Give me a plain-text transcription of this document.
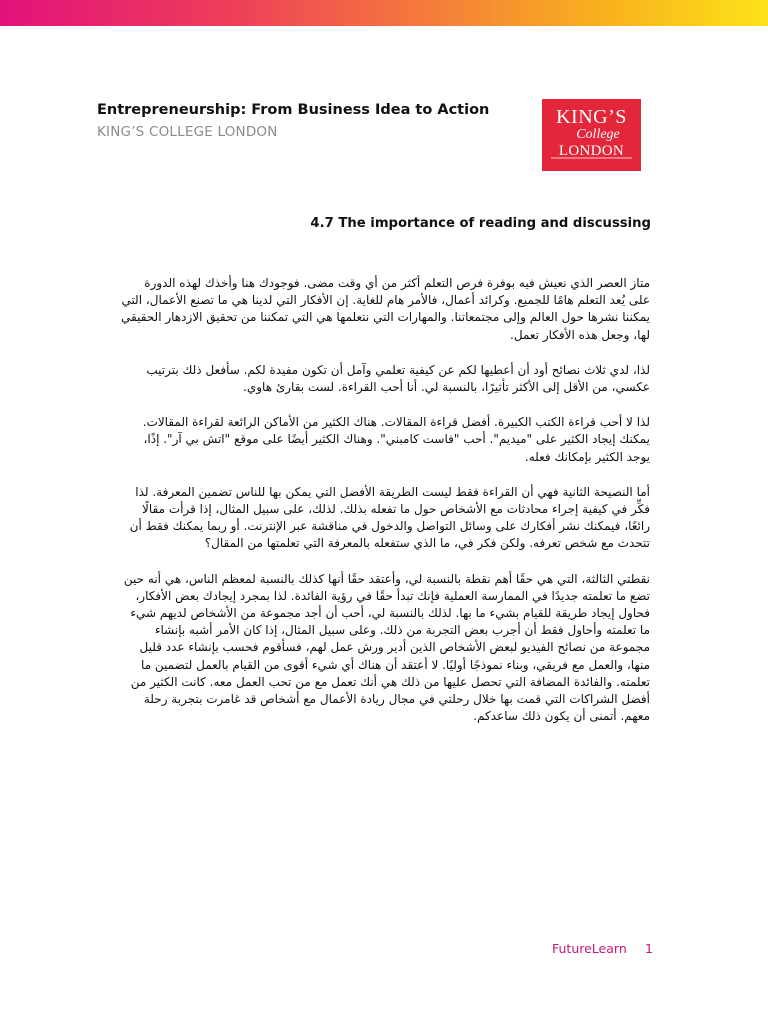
Entrepreneurship: From Business Idea to Action
KING’S COLLEGE LONDON
KING’S
College
LONDON
4.7 The importance of reading and discussing

متاز العصر الذي نعيش فيه بوفرة فرص التعلم أكثر من أي وقت مضى. فوجودك هنا وأخذك لهذه الدورة على يُعد التعلم هامًا للجميع. وكرائد أعمال، فالأمر هام للغاية. إن الأفكار التي لدينا هي ما تصنع الأعمال، التي يمكننا نشرها حول العالم وإلى مجتمعاتنا. والمهارات التي نتعلمها هي التي تمكننا من تحقيق الازدهار الحقيقي لها، وجعل هذه الأفكار تعمل.

لذا، لدي ثلاث نصائح أود أن أعطيها لكم عن كيفية تعلمي وآمل أن تكون مفيدة لكم. سأفعل ذلك بترتيب عكسي، من الأقل إلى الأكثر تأثيرًا، بالنسبة لي. أنا أحب القراءة. لست بقارئ هاوي.

لذا لا أحب قراءة الكتب الكبيرة. أفضل قراءة المقالات. هناك الكثير من الأماكن الرائعة لقراءة المقالات. يمكنك إيجاد الكثير على "ميديم". أحب "فاست كامبني". وهناك الكثير أيضًا على موقع "اتش بي آر". إذًا، يوجد الكثير بإمكانك فعله.

أما النصيحة الثانية فهي أن القراءة فقط ليست الطريقة الأفضل التي يمكن بها للناس تضمين المعرفة. لذا فكِّر في كيفية إجراء محادثات مع الأشخاص حول ما تفعله بذلك. لذلك، على سبيل المثال، إذا قرأت مقالًا رائعًا، فيمكنك نشر أفكارك على وسائل التواصل والدخول في مناقشة عبر الإنترنت. أو ربما يمكنك فقط أن تتحدث مع شخص تعرفه. ولكن فكر في، ما الذي ستفعله بالمعرفة التي تعلمتها من المقال؟

نقطتي الثالثة، التي هي حقًا أهم نقطة بالنسبة لي، وأعتقد حقًا أنها كذلك بالنسبة لمعظم الناس، هي أنه حين تضع ما تعلمته جديدًا في الممارسة العملية فإنك تبدأ حقًا في رؤية الفائدة. لذا بمجرد إيجادك بعض الأفكار، فحاول إيجاد طريقة للقيام بشيء ما بها. لذلك بالنسبة لي، أحب أن أجد مجموعة من الأشخاص لديهم شيء ما تعلمته وأحاول فقط أن أجرب بعض التجربة من ذلك. وعلى سبيل المثال، إذا كان الأمر أشبه بإنشاء مجموعة من نصائح الفيديو لبعض الأشخاص الذين أدير ورش عمل لهم، فسأقوم فحسب بإنشاء عدد قليل منها، والعمل مع فريقي، وبناء نموذجًا أوليًا. لا أعتقد أن هناك أي شيء أقوى من القيام بالعمل لتضمين ما تعلمته. والفائدة المضافة التي تحصل عليها من ذلك هي أنك تعمل مع من تحب العمل معه. كانت الكثير من أفضل الشراكات التي قمت بها خلال رحلتي في مجال ريادة الأعمال مع أشخاص قد غامرت بتجربة رحلة معهم. أتمنى أن يكون ذلك ساعدكم.

FutureLearn 1
